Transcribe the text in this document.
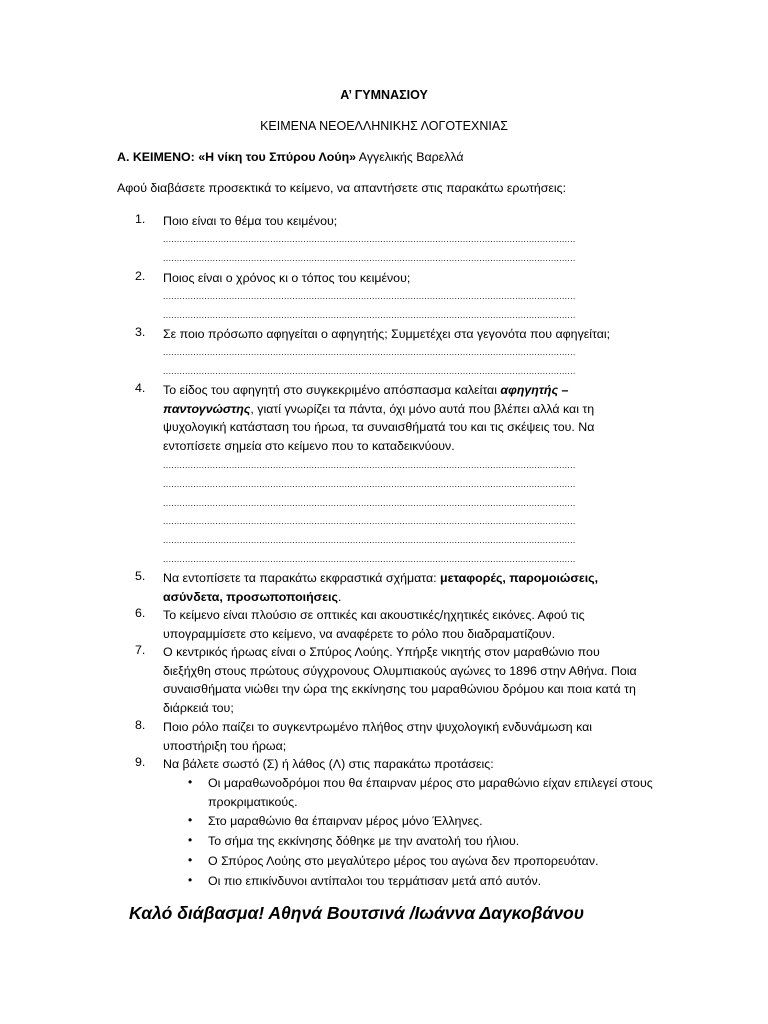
Α’ ΓΥΜΝΑΣΙΟΥ
ΚΕΙΜΕΝΑ ΝΕΟΕΛΛΗΝΙΚΗΣ ΛΟΓΟΤΕΧΝΙΑΣ
Α. ΚΕΙΜΕΝΟ: «Η νίκη του Σπύρου Λούη» Αγγελικής Βαρελλά
Αφού διαβάσετε προσεκτικά το κείμενο, να απαντήσετε στις παρακάτω ερωτήσεις:
1.	Ποιο είναι το θέμα του κειμένου;
......................................................................................................................................................
......................................................................................................................................................
2.	Ποιος είναι ο χρόνος κι ο τόπος του κειμένου;
......................................................................................................................................................
......................................................................................................................................................
3.	Σε ποιο πρόσωπο αφηγείται ο αφηγητής; Συμμετέχει στα γεγονότα που αφηγείται;
......................................................................................................................................................
......................................................................................................................................................
4.	Το είδος του αφηγητή στο συγκεκριμένο απόσπασμα καλείται αφηγητής – παντογνώστης, γιατί γνωρίζει τα πάντα, όχι μόνο αυτά που βλέπει αλλά και τη ψυχολογική κατάσταση του ήρωα, τα συναισθήματά του και τις σκέψεις του. Να εντοπίσετε σημεία στο κείμενο που το καταδεικνύουν.
......................................................................................................................................................
......................................................................................................................................................
......................................................................................................................................................
......................................................................................................................................................
......................................................................................................................................................
......................................................................................................................................................
5.	Να εντοπίσετε τα παρακάτω εκφραστικά σχήματα: μεταφορές, παρομοιώσεις, ασύνδετα, προσωποποιήσεις.
6.	Το κείμενο είναι πλούσιο σε οπτικές και ακουστικές/ηχητικές εικόνες. Αφού τις υπογραμμίσετε στο κείμενο, να αναφέρετε το ρόλο που διαδραματίζουν.
7.	Ο κεντρικός ήρωας είναι ο Σπύρος Λούης. Υπήρξε νικητής στον μαραθώνιο που διεξήχθη στους πρώτους σύγχρονους Ολυμπιακούς αγώνες το 1896 στην Αθήνα. Ποια συναισθήματα νιώθει την ώρα της εκκίνησης του μαραθώνιου δρόμου και ποια κατά τη διάρκειά του;
8.	Ποιο ρόλο παίζει το συγκεντρωμένο πλήθος στην ψυχολογική ενδυνάμωση και υποστήριξη του ήρωα;
9.	Να βάλετε σωστό (Σ) ή λάθος (Λ) στις παρακάτω προτάσεις:
• Οι μαραθωνοδρόμοι που θα έπαιρναν μέρος στο μαραθώνιο είχαν επιλεγεί στους προκριματικούς.
• Στο μαραθώνιο θα έπαιρναν μέρος μόνο Έλληνες.
• Το σήμα της εκκίνησης δόθηκε με την ανατολή του ήλιου.
• Ο Σπύρος Λούης στο μεγαλύτερο μέρος του αγώνα δεν προπορευόταν.
• Οι πιο επικίνδυνοι αντίπαλοι του τερμάτισαν μετά από αυτόν.
Καλό διάβασμα! Αθηνά Βουτσινά /Ιωάννα Δαγκοβάνου
